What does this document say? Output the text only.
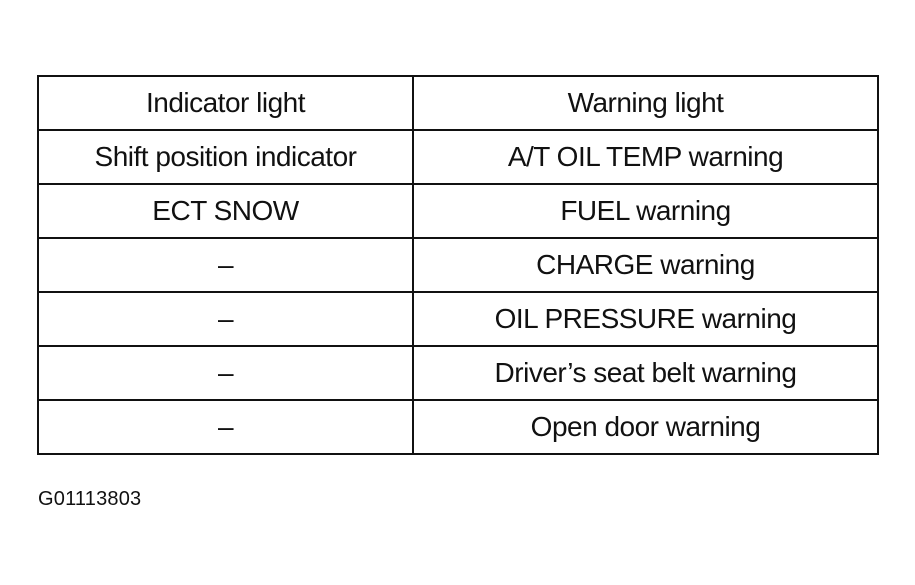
Indicator light	Warning light
Shift position indicator	A/T OIL TEMP warning
ECT SNOW	FUEL warning
–	CHARGE warning
–	OIL PRESSURE warning
–	Driver’s seat belt warning
–	Open door warning
G01113803
